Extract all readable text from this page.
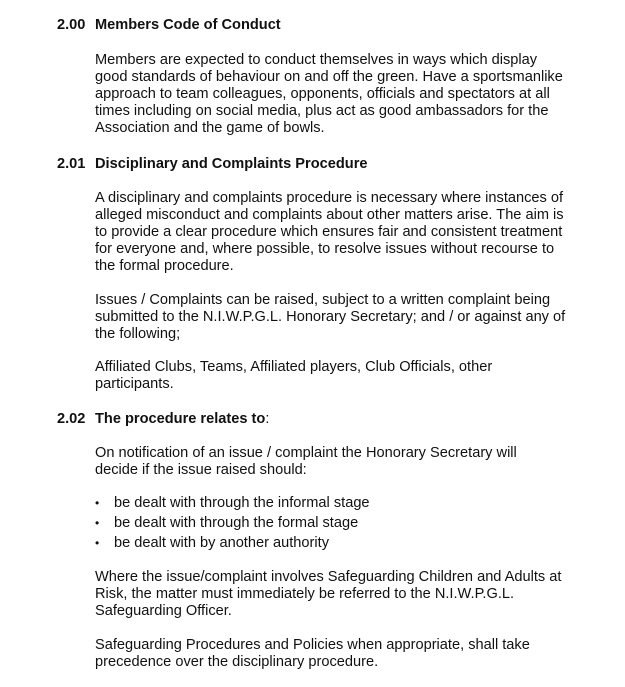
2.00 Members Code of Conduct

Members are expected to conduct themselves in ways which display good standards of behaviour on and off the green. Have a sportsmanlike approach to team colleagues, opponents, officials and spectators at all times including on social media, plus act as good ambassadors for the Association and the game of bowls.

2.01 Disciplinary and Complaints Procedure

A disciplinary and complaints procedure is necessary where instances of alleged misconduct and complaints about other matters arise. The aim is to provide a clear procedure which ensures fair and consistent treatment for everyone and, where possible, to resolve issues without recourse to the formal procedure.

Issues / Complaints can be raised, subject to a written complaint being submitted to the N.I.W.P.G.L. Honorary Secretary; and / or against any of the following;

Affiliated Clubs, Teams, Affiliated players, Club Officials, other participants.

2.02 The procedure relates to:

On notification of an issue / complaint the Honorary Secretary will decide if the issue raised should:

• be dealt with through the informal stage
• be dealt with through the formal stage
• be dealt with by another authority

Where the issue/complaint involves Safeguarding Children and Adults at Risk, the matter must immediately be referred to the N.I.W.P.G.L. Safeguarding Officer.

Safeguarding Procedures and Policies when appropriate, shall take precedence over the disciplinary procedure.
